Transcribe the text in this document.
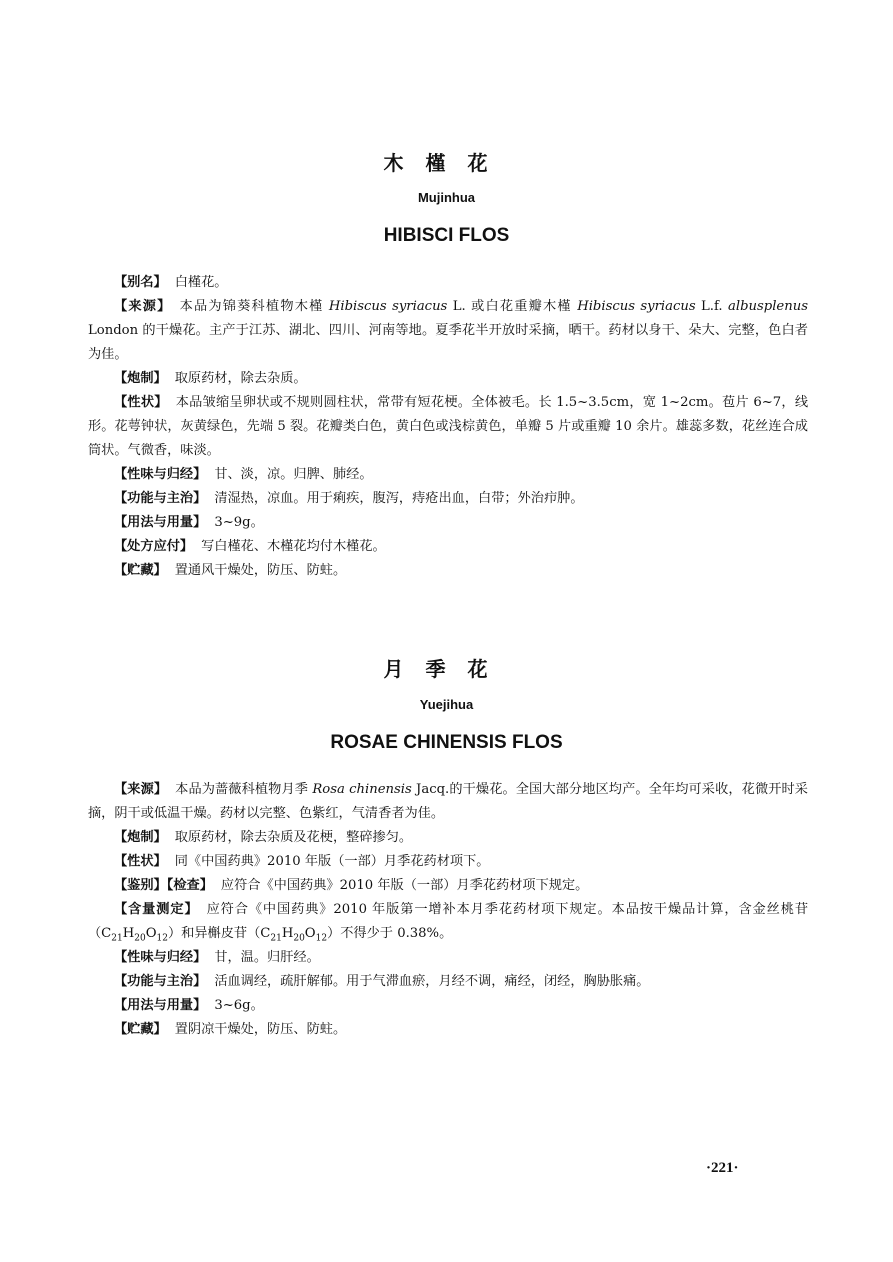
木槿花
Mujinhua
HIBISCI FLOS
【别名】 白槿花。
【来源】 本品为锦葵科植物木槿 Hibiscus syriacus L. 或白花重瓣木槿 Hibiscus syriacus L.f. albusplenus London 的干燥花。主产于江苏、湖北、四川、河南等地。夏季花半开放时采摘，晒干。药材以身干、朵大、完整，色白者为佳。
【炮制】 取原药材，除去杂质。
【性状】 本品皱缩呈卵状或不规则圆柱状，常带有短花梗。全体被毛。长 1.5~3.5cm，宽 1~2cm。苞片 6~7，线形。花萼钟状，灰黄绿色，先端 5 裂。花瓣类白色，黄白色或浅棕黄色，单瓣 5 片或重瓣 10 余片。雄蕊多数，花丝连合成筒状。气微香，味淡。
【性味与归经】 甘、淡，凉。归脾、肺经。
【功能与主治】 清湿热，凉血。用于痢疾，腹泻，痔疮出血，白带；外治疖肿。
【用法与用量】 3~9g。
【处方应付】 写白槿花、木槿花均付木槿花。
【贮藏】 置通风干燥处，防压、防蛀。
月季花
Yuejihua
ROSAE CHINENSIS FLOS
【来源】 本品为蔷薇科植物月季 Rosa chinensis Jacq.的干燥花。全国大部分地区均产。全年均可采收，花微开时采摘，阴干或低温干燥。药材以完整、色紫红，气清香者为佳。
【炮制】 取原药材，除去杂质及花梗，整碎掺匀。
【性状】 同《中国药典》2010 年版（一部）月季花药材项下。
【鉴别】【检查】 应符合《中国药典》2010 年版（一部）月季花药材项下规定。
【含量测定】 应符合《中国药典》2010 年版第一增补本月季花药材项下规定。本品按干燥品计算，含金丝桃苷$(C_{21}H_{20}O_{12})$和异槲皮苷$(C_{21}H_{20}O_{12})$不得少于 0.38%。
【性味与归经】 甘，温。归肝经。
【功能与主治】 活血调经，疏肝解郁。用于气滞血瘀，月经不调，痛经，闭经，胸胁胀痛。
【用法与用量】 3~6g。
【贮藏】 置阴凉干燥处，防压、防蛀。
·221·
